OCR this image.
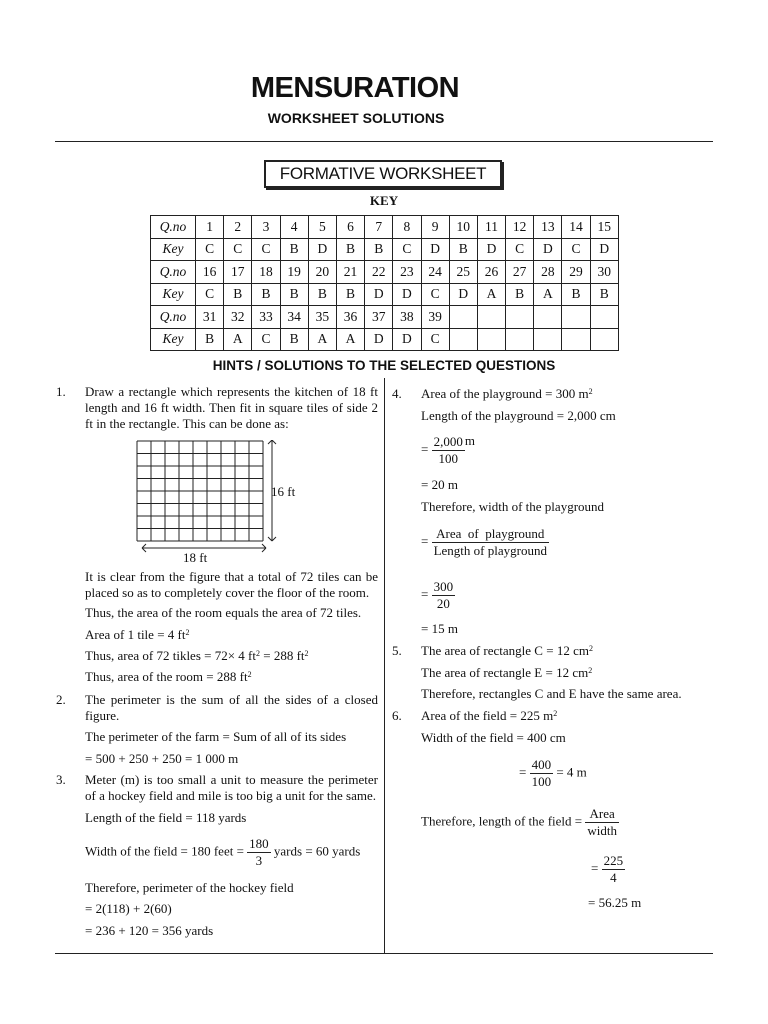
MENSURATION
WORKSHEET SOLUTIONS
FORMATIVE WORKSHEET
KEY
Q.no	1	2	3	4	5	6	7	8	9	10	11	12	13	14	15
Key	C	C	C	B	D	B	B	C	D	B	D	C	D	C	D
Q.no	16	17	18	19	20	21	22	23	24	25	26	27	28	29	30
Key	C	B	B	B	B	B	D	D	C	D	A	B	A	B	B
Q.no	31	32	33	34	35	36	37	38	39						
Key	B	A	C	B	A	A	D	D	C						
HINTS / SOLUTIONS TO THE SELECTED QUESTIONS
1. Draw a rectangle which represents the kitchen of 18 ft length and 16 ft width. Then fit in square tiles of side 2 ft in the rectangle. This can be done as:
16 ft
18 ft
It is clear from the figure that a total of 72 tiles can be placed so as to completely cover the floor of the room.
Thus, the area of the room equals the area of 72 tiles.
Area of 1 tile = 4 $ft^2$
Thus, area of 72 tikles = 72× 4 $ft^2 = 288$ $ft^2$
Thus, area of the room = 288 $ft^2$
2. The perimeter is the sum of all the sides of a closed figure.
The perimeter of the farm = Sum of all of its sides
= 500 + 250 + 250 = 1 000 m
3. Meter (m) is too small a unit to measure the perimeter of a hockey field and mile is too big a unit for the same.
Length of the field = 118 yards
Width of the field = 180 feet = $\frac{180}{3}$ yards = 60 yards
Therefore, perimeter of the hockey field
= 2(118) + 2(60)
= 236 + 120 = 356 yards
4. Area of the playground = 300 $m^2$
Length of the playground = 2,000 cm
= $\frac{2,000}{100}$ m
= 20 m
Therefore, width of the playground
= $\frac{\text{Area  of  playground}}{\text{Length of playground}}$
= $\frac{300}{20}$
= 15 m
5. The area of rectangle C = 12 $cm^2$
The area of rectangle E = 12 $cm^2$
Therefore, rectangles C and E have the same area.
6. Area of the field = 225 $m^2$
Width of the field = 400 cm
= $\frac{400}{100} = 4$ m
Therefore, length of the field = $\frac{\text{Area}}{\text{width}}$
= $\frac{225}{4}$
= 56.25 m
